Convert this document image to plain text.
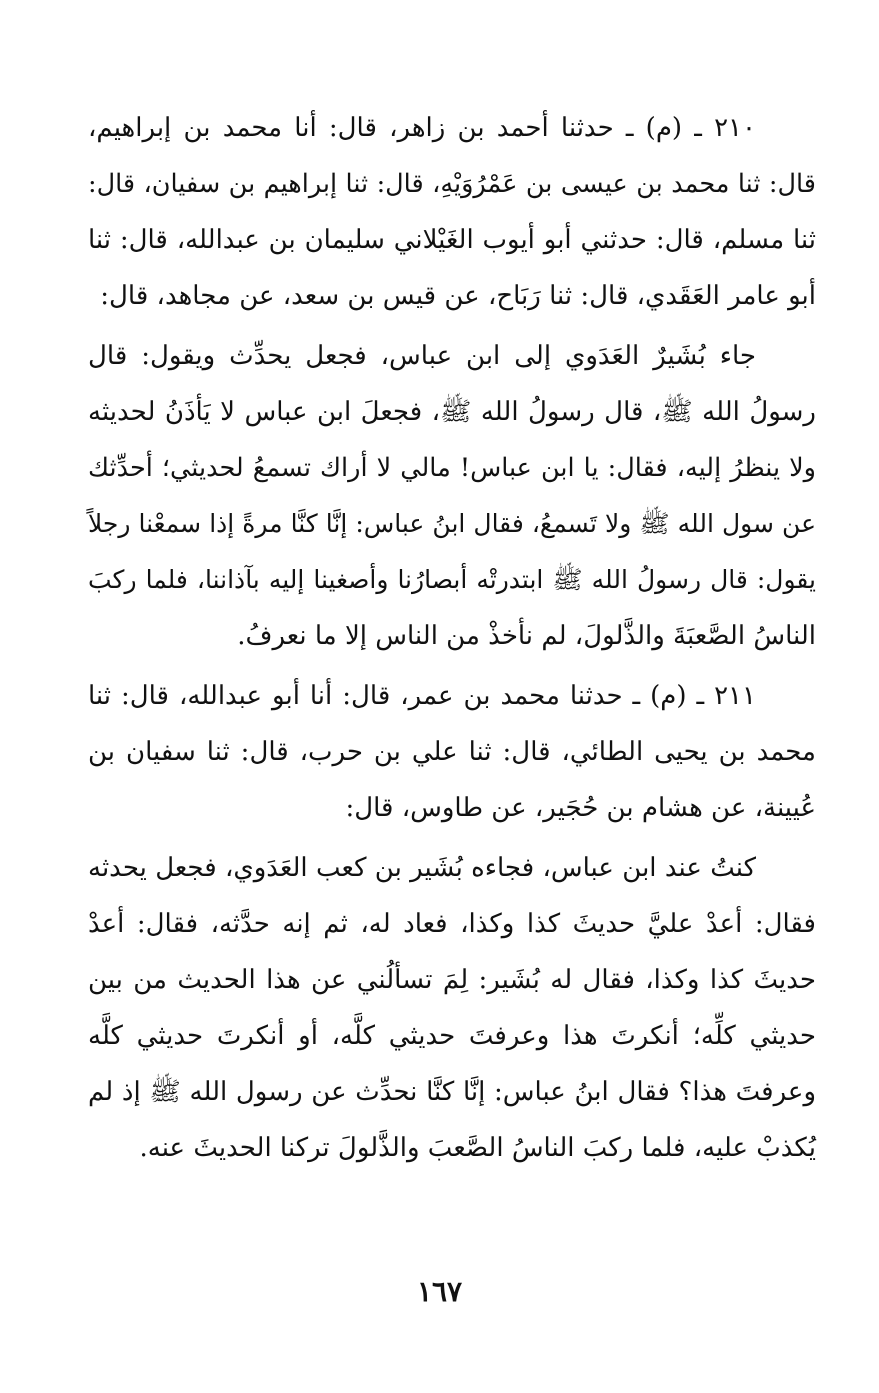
٢١٠ ـ (م) ـ حدثنا أحمد بن زاهر، قال: أنا محمد بن إبراهيم،
قال: ثنا محمد بن عيسى بن عَمْرُوَيْهِ، قال: ثنا إبراهيم بن سفيان، قال:
ثنا مسلم، قال: حدثني أبو أيوب الغَيْلاني سليمان بن عبدالله، قال: ثنا
أبو عامر العَقَدي، قال: ثنا رَبَاح، عن قيس بن سعد، عن مجاهد، قال:
جاء بُشَيرٌ العَدَوي إلى ابن عباس، فجعل يحدِّث ويقول: قال
رسولُ الله ﷺ، قال رسولُ الله ﷺ، فجعلَ ابن عباس لا يَأذَنُ لحديثه
ولا ينظرُ إليه، فقال: يا ابن عباس! مالي لا أراك تسمعُ لحديثي؛ أحدِّثك
عن سول الله ﷺ ولا تَسمعُ، فقال ابنُ عباس: إنَّا كنَّا مرةً إذا سمعْنا رجلاً
يقول: قال رسولُ الله ﷺ ابتدرتْه أبصارُنا وأصغينا إليه بآذاننا، فلما ركبَ
الناسُ الصَّعبَةَ والذَّلولَ، لم نأخذْ من الناس إلا ما نعرفُ.
٢١١ ـ (م) ـ حدثنا محمد بن عمر، قال: أنا أبو عبدالله، قال: ثنا
محمد بن يحيى الطائي، قال: ثنا علي بن حرب، قال: ثنا سفيان بن
عُيينة، عن هشام بن حُجَير، عن طاوس، قال:
كنتُ عند ابن عباس، فجاءه بُشَير بن كعب العَدَوي، فجعل يحدثه
فقال: أعدْ عليَّ حديثَ كذا وكذا، فعاد له، ثم إنه حدَّثه، فقال: أعدْ
حديثَ كذا وكذا، فقال له بُشَير: لِمَ تسألُني عن هذا الحديث من بين
حديثي كلِّه؛ أنكرتَ هذا وعرفتَ حديثي كلَّه، أو أنكرتَ حديثي كلَّه
وعرفتَ هذا؟ فقال ابنُ عباس: إنَّا كنَّا نحدِّث عن رسول الله ﷺ إذ لم
يُكذبْ عليه، فلما ركبَ الناسُ الصَّعبَ والذَّلولَ تركنا الحديثَ عنه.
١٦٧
